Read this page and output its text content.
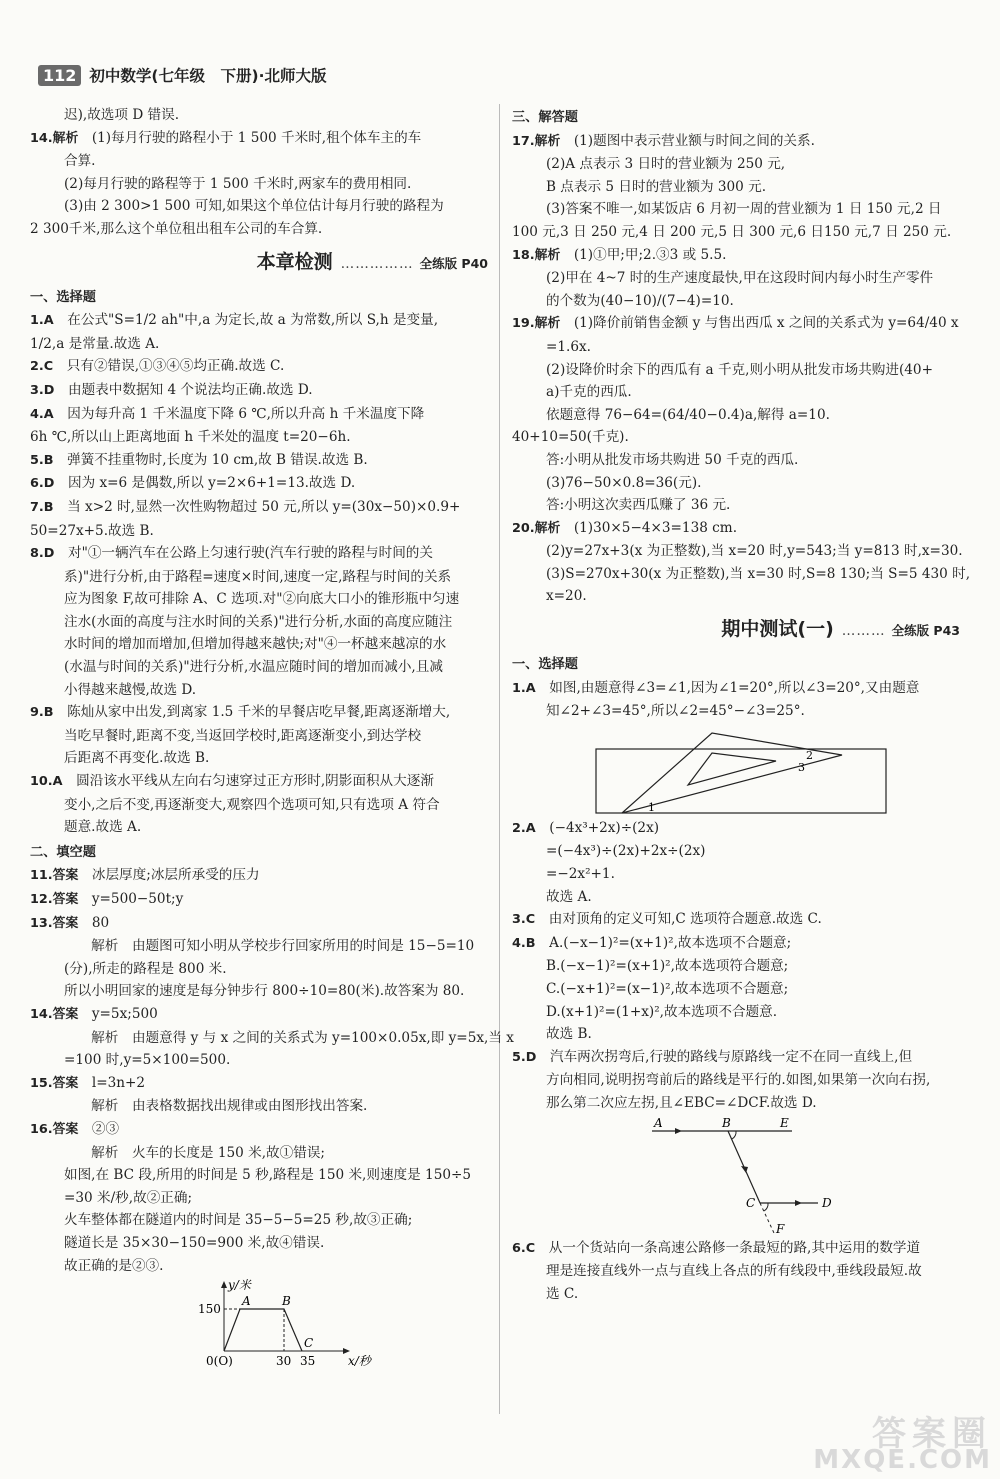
112 初中数学(七年级　下册)·北师大版
迟),故选项 D 错误.
14.解析　(1)每月行驶的路程小于 1 500 千米时,租个体车主的车
合算.
(2)每月行驶的路程等于 1 500 千米时,两家车的费用相同.
(3)由 2 300>1 500 可知,如果这个单位估计每月行驶的路程为
2 300千米,那么这个单位租出租车公司的车合算.
本章检测 …………… 全练版 P40
一、选择题
1.A　在公式"S=1/2 ah"中,a 为定长,故 a 为常数,所以 S,h 是变量,
1/2,a 是常量.故选 A.
2.C　只有②错误,①③④⑤均正确.故选 C.
3.D　由题表中数据知 4 个说法均正确.故选 D.
4.A　因为每升高 1 千米温度下降 6 ℃,所以升高 h 千米温度下降
6h ℃,所以山上距离地面 h 千米处的温度 t=20−6h.
5.B　弹簧不挂重物时,长度为 10 cm,故 B 错误.故选 B.
6.D　因为 x=6 是偶数,所以 y=2×6+1=13.故选 D.
7.B　当 x>2 时,显然一次性购物超过 50 元,所以 y=(30x−50)×0.9+
50=27x+5.故选 B.
8.D　对"①一辆汽车在公路上匀速行驶(汽车行驶的路程与时间的关
系)"进行分析,由于路程=速度×时间,速度一定,路程与时间的关系
应为图象 F,故可排除 A、C 选项.对"②向底大口小的锥形瓶中匀速
注水(水面的高度与注水时间的关系)"进行分析,水面的高度应随注
水时间的增加而增加,但增加得越来越快;对"④一杯越来越凉的水
(水温与时间的关系)"进行分析,水温应随时间的增加而减小,且减
小得越来越慢,故选 D.
9.B　陈灿从家中出发,到离家 1.5 千米的早餐店吃早餐,距离逐渐增大,
当吃早餐时,距离不变,当返回学校时,距离逐渐变小,到达学校
后距离不再变化.故选 B.
10.A　圆沿该水平线从左向右匀速穿过正方形时,阴影面积从大逐渐
变小,之后不变,再逐渐变大,观察四个选项可知,只有选项 A 符合
题意.故选 A.
二、填空题
11.答案　冰层厚度;冰层所承受的压力
12.答案　y=500−50t;y
13.答案　80
　　解析　由题图可知小明从学校步行回家所用的时间是 15−5=10
(分),所走的路程是 800 米.
所以小明回家的速度是每分钟步行 800÷10=80(米).故答案为 80.
14.答案　y=5x;500
　　解析　由题意得 y 与 x 之间的关系式为 y=100×0.05x,即 y=5x,当 x
=100 时,y=5×100=500.
15.答案　l=3n+2
　　解析　由表格数据找出规律或由图形找出答案.
16.答案　②③
　　解析　火车的长度是 150 米,故①错误;
如图,在 BC 段,所用的时间是 5 秒,路程是 150 米,则速度是 150÷5
=30 米/秒,故②正确;
火车整体都在隧道内的时间是 35−5−5=25 秒,故③正确;
隧道长是 35×30−150=900 米,故④错误.
故正确的是②③.
y/米
150
A	B
C
0(O)	30 35	x/秒
三、解答题
17.解析　(1)题图中表示营业额与时间之间的关系.
(2)A 点表示 3 日时的营业额为 250 元,
B 点表示 5 日时的营业额为 300 元.
(3)答案不唯一,如某饭店 6 月初一周的营业额为 1 日 150 元,2 日
100 元,3 日 250 元,4 日 200 元,5 日 300 元,6 日150 元,7 日 250 元.
18.解析　(1)①甲;甲;2.③3 或 5.5.
(2)甲在 4~7 时的生产速度最快,甲在这段时间内每小时生产零件
的个数为(40−10)/(7−4)=10.
19.解析　(1)降价前销售金额 y 与售出西瓜 x 之间的关系式为 y=64/40 x
=1.6x.
(2)设降价时余下的西瓜有 a 千克,则小明从批发市场共购进(40+
a)千克的西瓜.
依题意得 76−64=(64/40−0.4)a,解得 a=10.
40+10=50(千克).
答:小明从批发市场共购进 50 千克的西瓜.
(3)76−50×0.8=36(元).
答:小明这次卖西瓜赚了 36 元.
20.解析　(1)30×5−4×3=138 cm.
(2)y=27x+3(x 为正整数),当 x=20 时,y=543;当 y=813 时,x=30.
(3)S=270x+30(x 为正整数),当 x=30 时,S=8 130;当 S=5 430 时,
x=20.
期中测试(一) ……… 全练版 P43
一、选择题
1.A　如图,由题意得∠3=∠1,因为∠1=20°,所以∠3=20°,又由题意
知∠2+∠3=45°,所以∠2=45°−∠3=25°.
1
2
3
2.A　(−4x³+2x)÷(2x)
=(−4x³)÷(2x)+2x÷(2x)
=−2x²+1.
故选 A.
3.C　由对顶角的定义可知,C 选项符合题意.故选 C.
4.B　A.(−x−1)²=(x+1)²,故本选项不合题意;
B.(−x−1)²=(x+1)²,故本选项符合题意;
C.(−x+1)²=(x−1)²,故本选项不合题意;
D.(x+1)²=(1+x)²,故本选项不合题意.
故选 B.
5.D　汽车两次拐弯后,行驶的路线与原路线一定不在同一直线上,但
方向相同,说明拐弯前后的路线是平行的.如图,如果第一次向右拐,
那么第二次应左拐,且∠EBC=∠DCF.故选 D.
A	B	E
C	D
F
6.C　从一个货站向一条高速公路修一条最短的路,其中运用的数学道
理是连接直线外一点与直线上各点的所有线段中,垂线段最短.故
选 C.
答案圈
MXQE.COM
